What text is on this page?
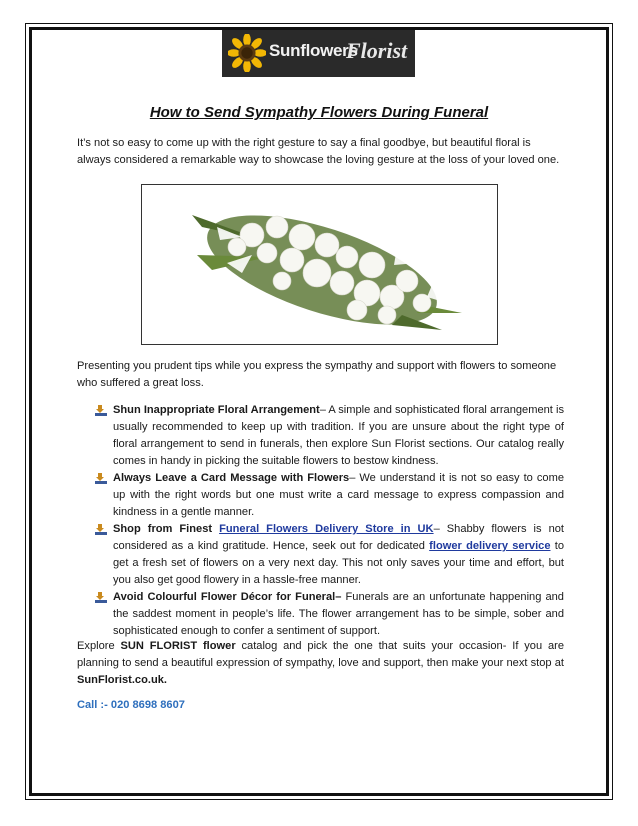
Sunflowers
Florist
How to Send Sympathy Flowers During Funeral
It’s not so easy to come up with the right gesture to say a final goodbye, but beautiful floral is always considered a remarkable way to showcase the loving gesture at the loss of your loved one.
Presenting you prudent tips while you express the sympathy and support with flowers to someone who suffered a great loss.
Shun Inappropriate Floral Arrangement– A simple and sophisticated floral arrangement is usually recommended to keep up with tradition. If you are unsure about the right type of floral arrangement to send in funerals, then explore Sun Florist sections. Our catalog really comes in handy in picking the suitable flowers to bestow kindness.
Always Leave a Card Message with Flowers– We understand it is not so easy to come up with the right words but one must write a card message to express compassion and kindness in a gentle manner.
Shop from Finest Funeral Flowers Delivery Store in UK– Shabby flowers is not considered as a kind gratitude. Hence, seek out for dedicated flower delivery service to get a fresh set of flowers on a very next day. This not only saves your time and effort, but you also get good flowery in a hassle-free manner.
Avoid Colourful Flower Décor for Funeral– Funerals are an unfortunate happening and the saddest moment in people’s life. The flower arrangement has to be simple, sober and sophisticated enough to confer a sentiment of support.
Explore SUN FLORIST flower catalog and pick the one that suits your occasion- If you are planning to send a beautiful expression of sympathy, love and support, then make your next stop at SunFlorist.co.uk.
Call :- 020 8698 8607
